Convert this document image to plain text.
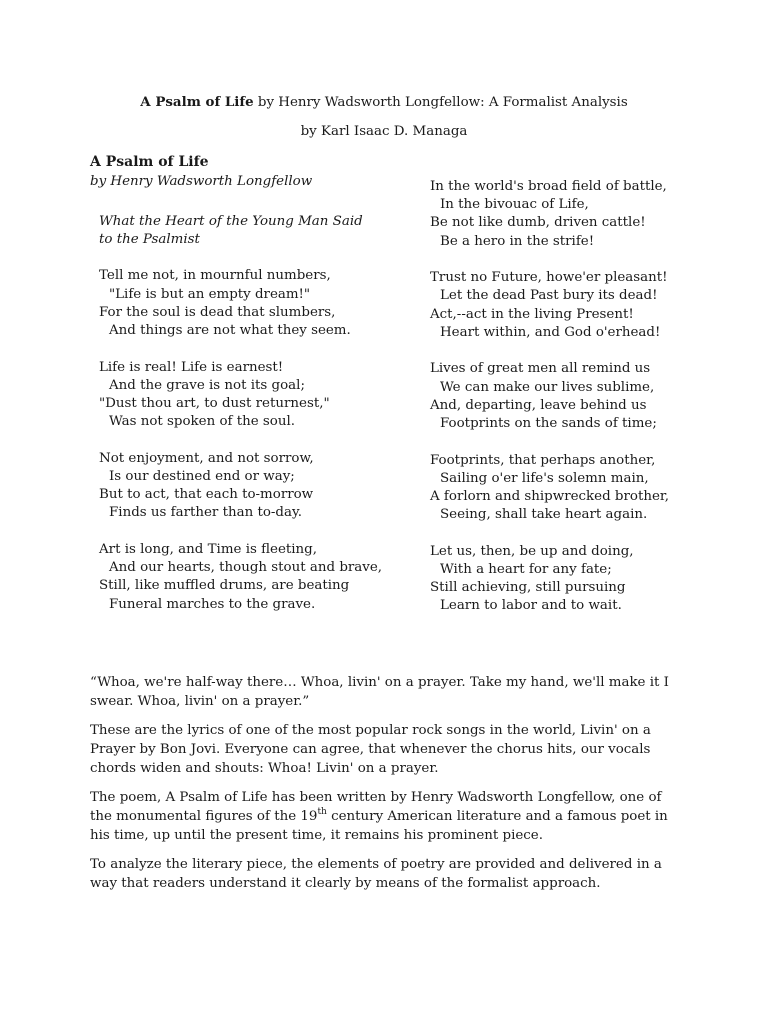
A Psalm of Life by Henry Wadsworth Longfellow: A Formalist Analysis

by Karl Isaac D. Managa

A Psalm of Life

by Henry Wadsworth Longfellow

What the Heart of the Young Man Said to the Psalmist

Tell me not, in mournful numbers,
"Life is but an empty dream!"
For the soul is dead that slumbers,
And things are not what they seem.
Life is real! Life is earnest!
And the grave is not its goal;
"Dust thou art, to dust returnest,"
Was not spoken of the soul.
Not enjoyment, and not sorrow,
Is our destined end or way;
But to act, that each to-morrow
Finds us farther than to-day.
Art is long, and Time is fleeting,
And our hearts, though stout and brave,
Still, like muffled drums, are beating
Funeral marches to the grave.
In the world's broad field of battle,
In the bivouac of Life,
Be not like dumb, driven cattle!
Be a hero in the strife!
Trust no Future, howe'er pleasant!
Let the dead Past bury its dead!
Act,--act in the living Present!
Heart within, and God o'erhead!
Lives of great men all remind us
We can make our lives sublime,
And, departing, leave behind us
Footprints on the sands of time;
Footprints, that perhaps another,
Sailing o'er life's solemn main,
A forlorn and shipwrecked brother,
Seeing, shall take heart again.
Let us, then, be up and doing,
With a heart for any fate;
Still achieving, still pursuing
Learn to labor and to wait.

“Whoa, we're half-way there… Whoa, livin' on a prayer. Take my hand, we'll make it I swear. Whoa, livin' on a prayer.”

These are the lyrics of one of the most popular rock songs in the world, Livin' on a Prayer by Bon Jovi. Everyone can agree, that whenever the chorus hits, our vocals chords widen and shouts: Whoa! Livin' on a prayer.

The poem, A Psalm of Life has been written by Henry Wadsworth Longfellow, one of the monumental figures of the 19th century American literature and a famous poet in his time, up until the present time, it remains his prominent piece.

To analyze the literary piece, the elements of poetry are provided and delivered in a way that readers understand it clearly by means of the formalist approach.
